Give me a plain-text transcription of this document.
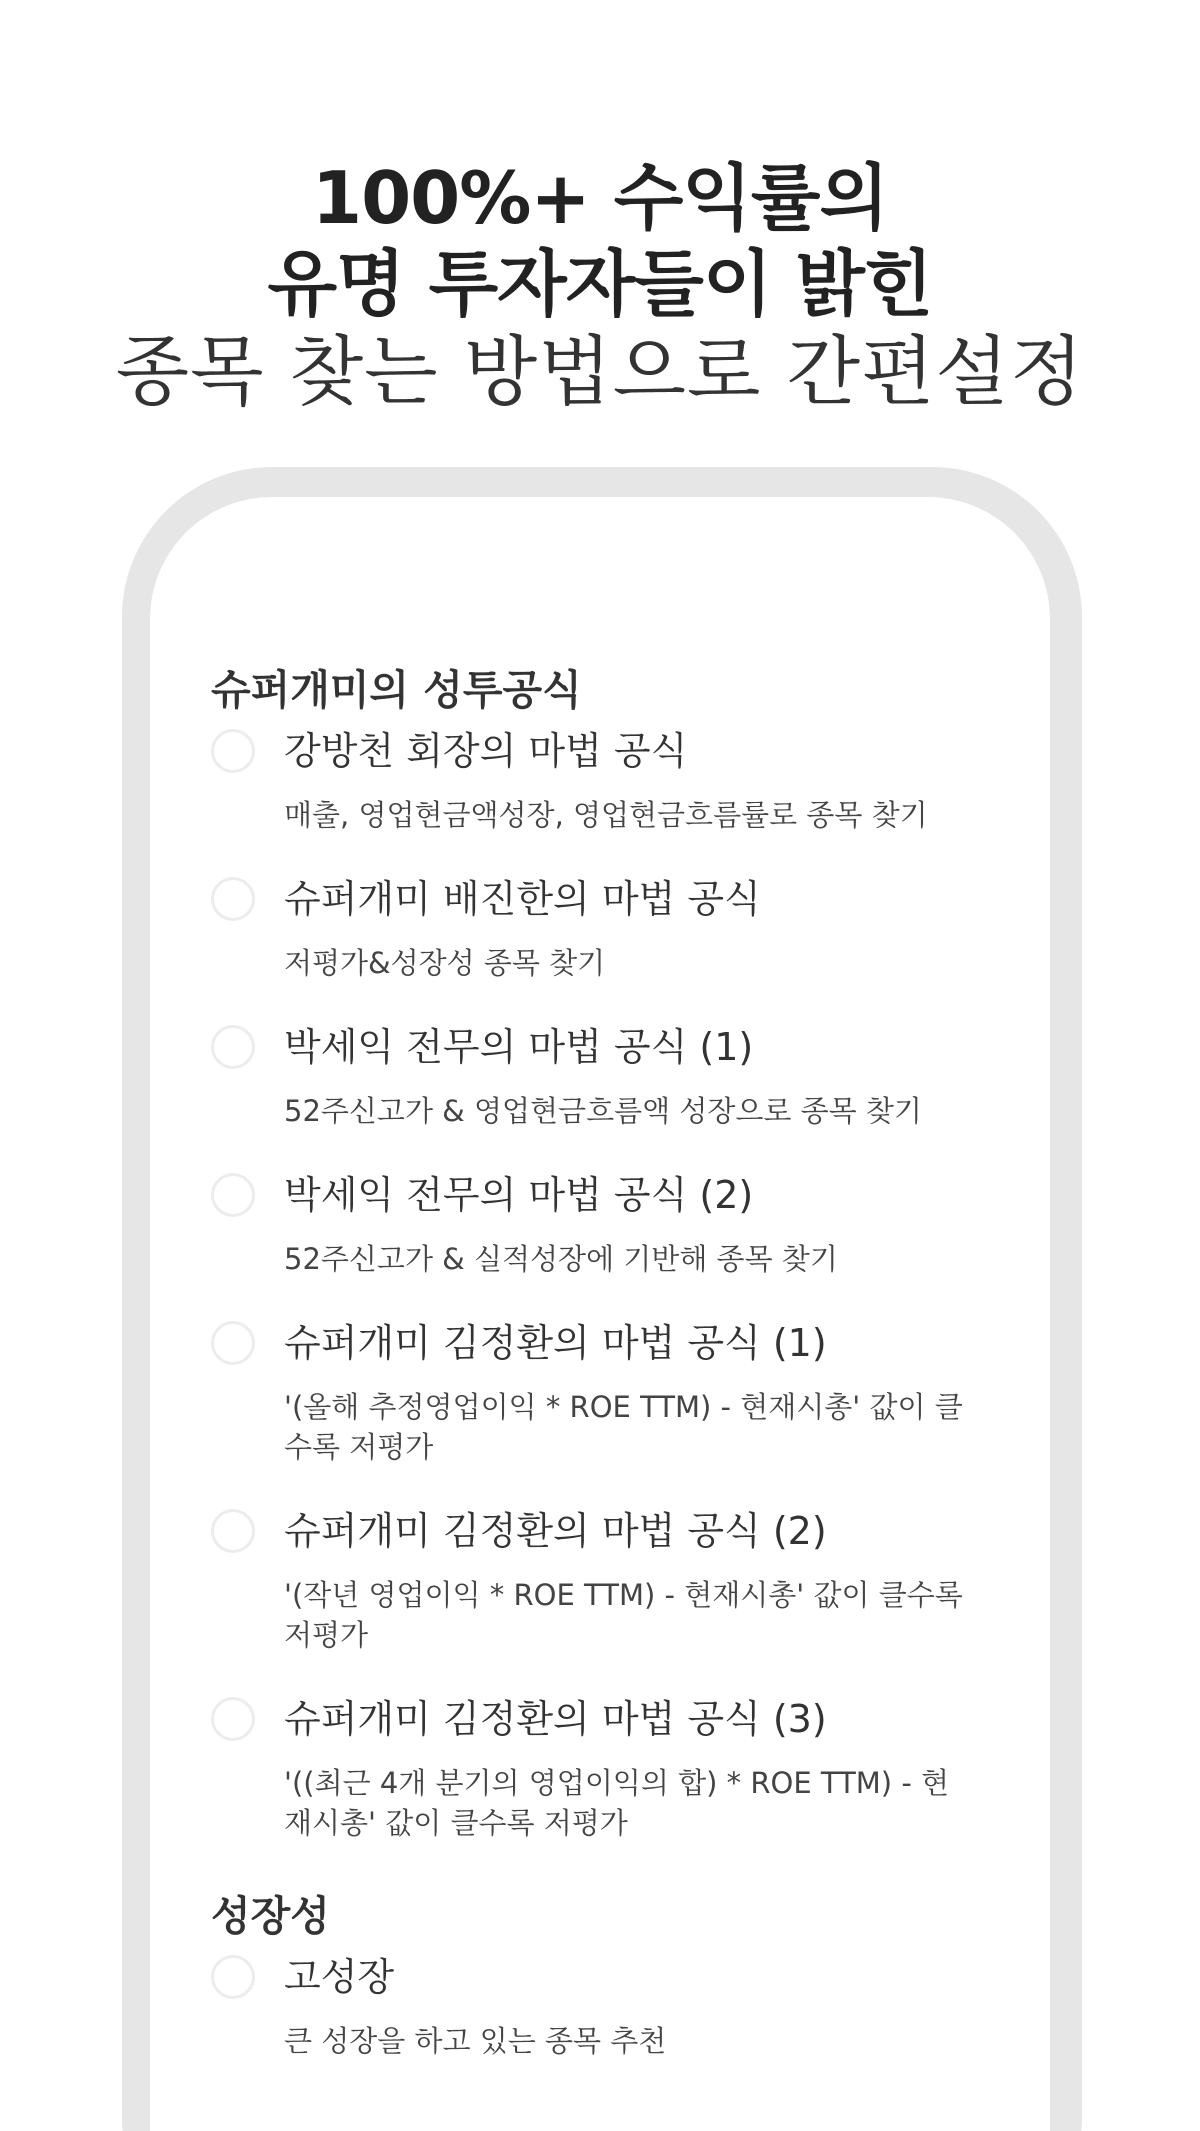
100%+ 수익률의
유명 투자자들이 밝힌
종목 찾는 방법으로 간편설정
슈퍼개미의 성투공식
강방천 회장의 마법 공식
매출, 영업현금액성장, 영업현금흐름률로 종목 찾기
슈퍼개미 배진한의 마법 공식
저평가&성장성 종목 찾기
박세익 전무의 마법 공식 (1)
52주신고가 & 영업현금흐름액 성장으로 종목 찾기
박세익 전무의 마법 공식 (2)
52주신고가 & 실적성장에 기반해 종목 찾기
슈퍼개미 김정환의 마법 공식 (1)
'(올해 추정영업이익 * ROE TTM) - 현재시총' 값이 클수록 저평가
슈퍼개미 김정환의 마법 공식 (2)
'(작년 영업이익 * ROE TTM) - 현재시총' 값이 클수록 저평가
슈퍼개미 김정환의 마법 공식 (3)
'((최근 4개 분기의 영업이익의 합) * ROE TTM) - 현재시총' 값이 클수록 저평가
성장성
고성장
큰 성장을 하고 있는 종목 추천
